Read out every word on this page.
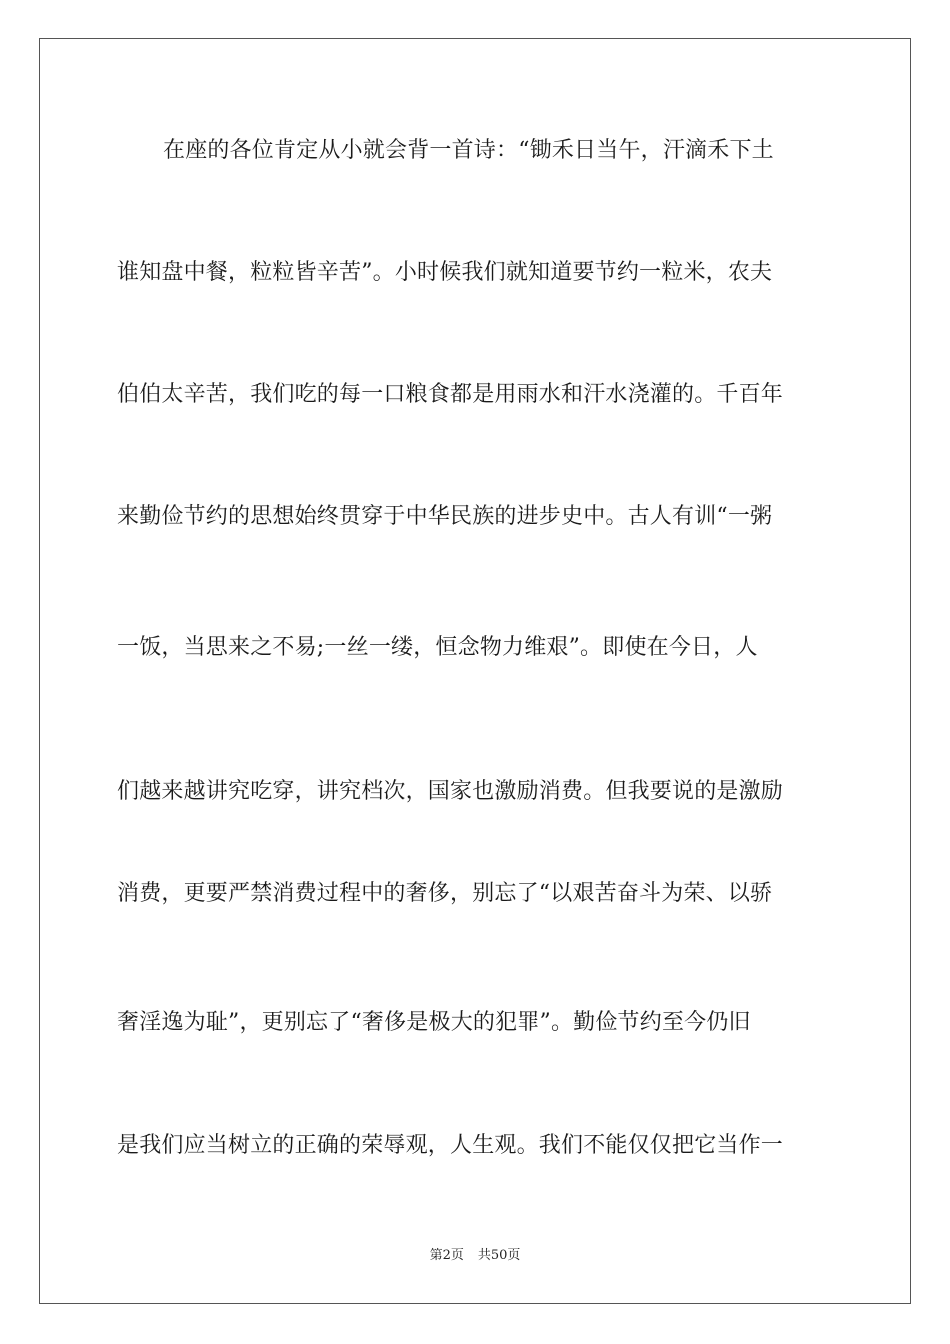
在座的各位肯定从小就会背一首诗：“锄禾日当午，汗滴禾下土
谁知盘中餐，粒粒皆辛苦”。小时候我们就知道要节约一粒米，农夫
伯伯太辛苦，我们吃的每一口粮食都是用雨水和汗水浇灌的。千百年
来勤俭节约的思想始终贯穿于中华民族的进步史中。古人有训“一粥
一饭，当思来之不易;一丝一缕，恒念物力维艰”。即使在今日，人
们越来越讲究吃穿，讲究档次，国家也激励消费。但我要说的是激励
消费，更要严禁消费过程中的奢侈，别忘了“以艰苦奋斗为荣、以骄
奢淫逸为耻”，更别忘了“奢侈是极大的犯罪”。勤俭节约至今仍旧
是我们应当树立的正确的荣辱观，人生观。我们不能仅仅把它当作一
第2页 共50页
